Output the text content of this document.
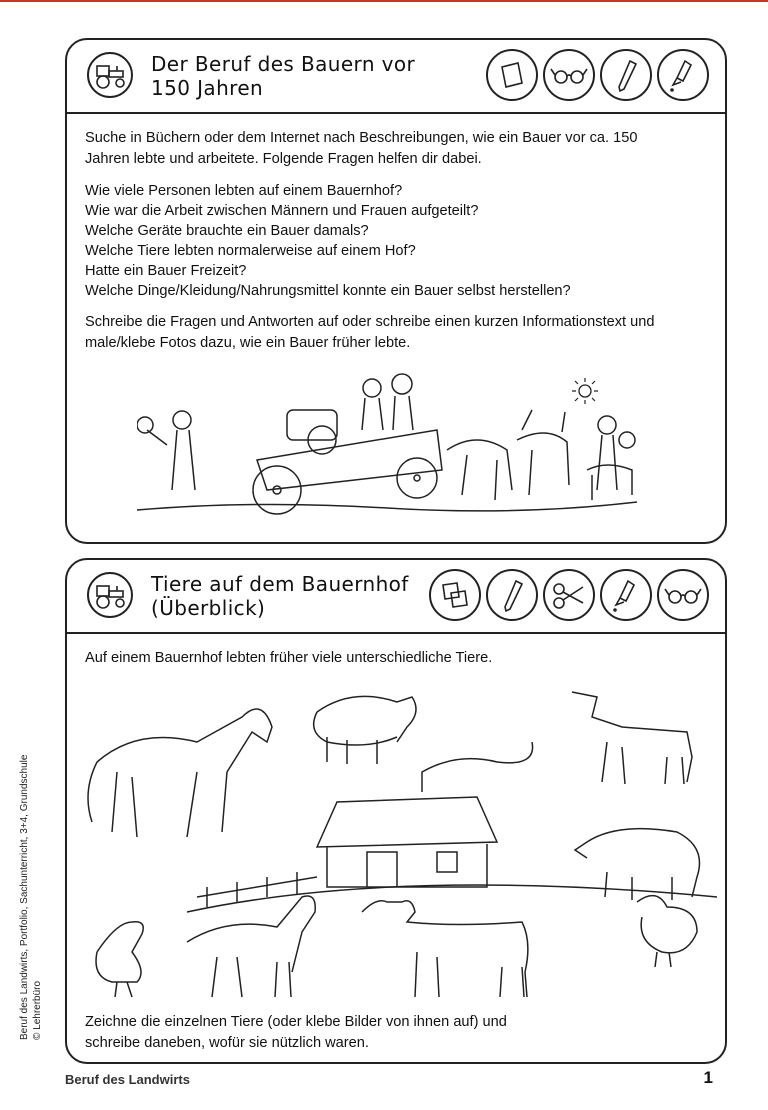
Der Beruf des Bauern vor
150 Jahren

Suche in Büchern oder dem Internet nach Beschreibungen, wie ein Bauer vor ca. 150
Jahren lebte und arbeitete. Folgende Fragen helfen dir dabei.

Wie viele Personen lebten auf einem Bauernhof?
Wie war die Arbeit zwischen Männern und Frauen aufgeteilt?
Welche Geräte brauchte ein Bauer damals?
Welche Tiere lebten normalerweise auf einem Hof?
Hatte ein Bauer Freizeit?
Welche Dinge/Kleidung/Nahrungsmittel konnte ein Bauer selbst herstellen?

Schreibe die Fragen und Antworten auf oder schreibe einen kurzen Informationstext und
male/klebe Fotos dazu, wie ein Bauer früher lebte.

Tiere auf dem Bauernhof
(Überblick)

Auf einem Bauernhof lebten früher viele unterschiedliche Tiere.

Zeichne die einzelnen Tiere (oder klebe Bilder von ihnen auf) und
schreibe daneben, wofür sie nützlich waren.

Beruf des Landwirts	1
Beruf des Landwirts, Portfolio, Sachunterricht, 3+4, Grundschule © Lehrerbüro
